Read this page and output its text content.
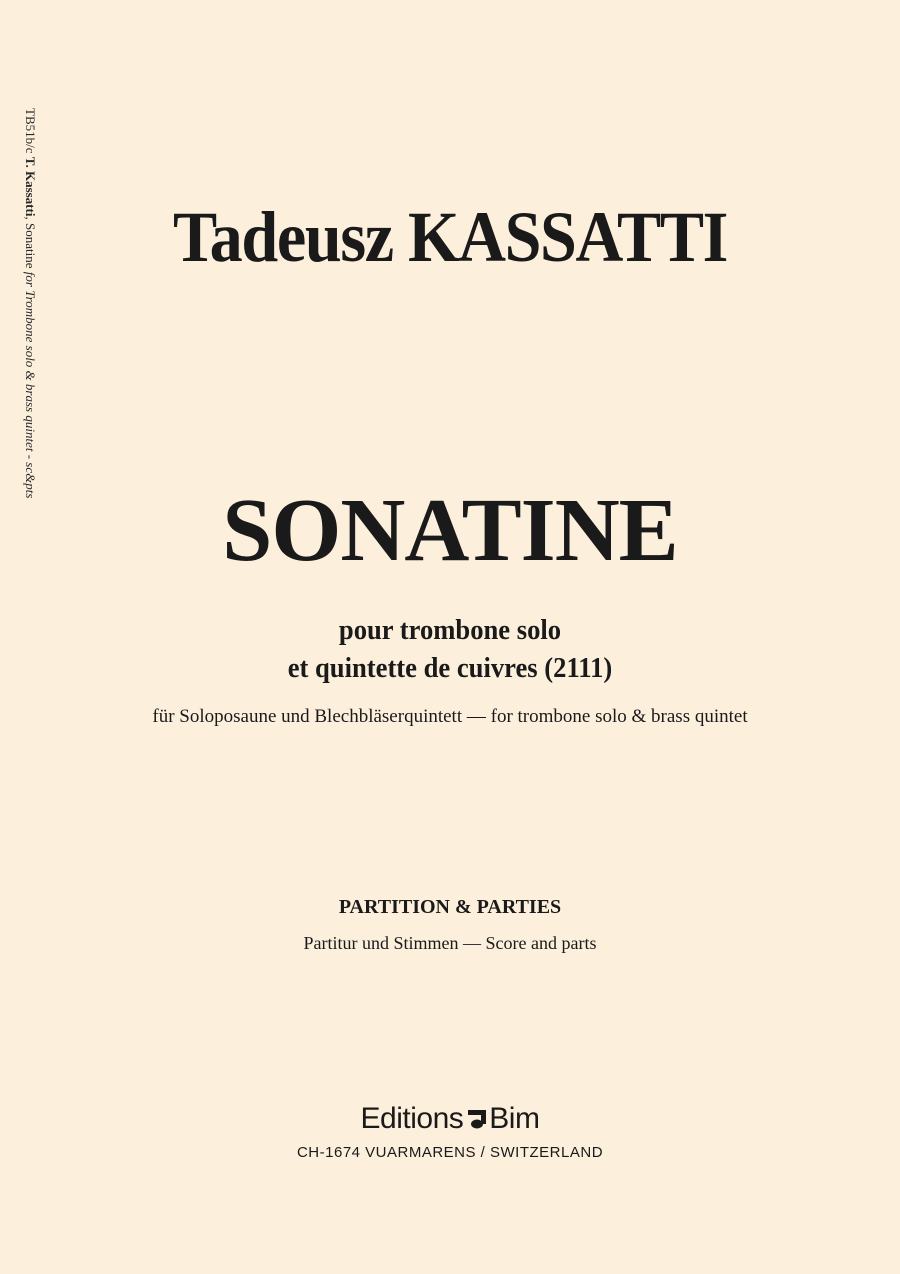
TB51b/c T. Kassatti, Sonatine for Trombone solo & brass quintet - sc&pts
Tadeusz KASSATTI
SONATINE
pour trombone solo
et quintette de cuivres (2111)
für Soloposaune und Blechbläserquintett — for trombone solo & brass quintet
PARTITION & PARTIES
Partitur und Stimmen — Score and parts
Editions Bim
CH-1674 VUARMARENS / SWITZERLAND
